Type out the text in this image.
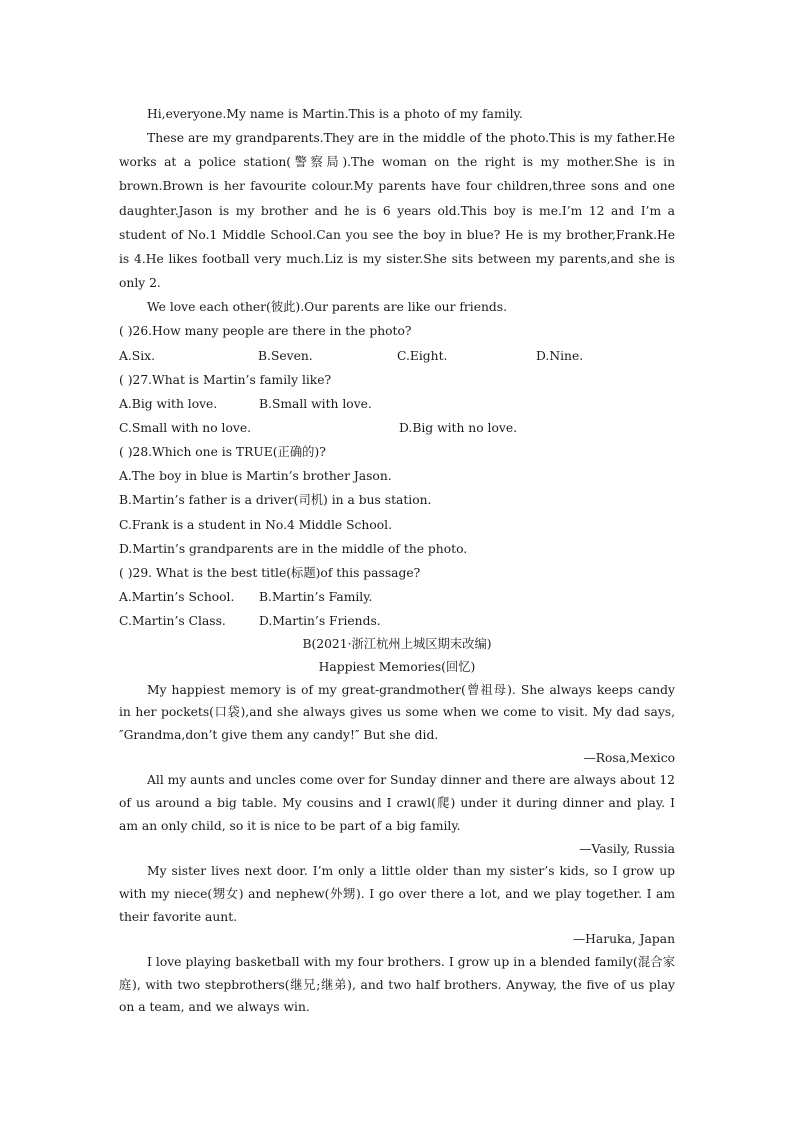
Hi,everyone.My name is Martin.This is a photo of my family.

These are my grandparents.They are in the middle of the photo.This is my father.He works at a police station(警察局).The woman on the right is my mother.She is in brown.Brown is her favourite colour.My parents have four children,three sons and one daughter.Jason is my brother and he is 6 years old.This boy is me.I’m 12 and I’m a student of No.1 Middle School.Can you see the boy in blue? He is my brother,Frank.He is 4.He likes football very much.Liz is my sister.She sits between my parents,and she is only 2.

We love each other(彼此).Our parents are like our friends.

( )26.How many people are there in the photo?
A.Six.	B.Seven.	C.Eight.	D.Nine.
( )27.What is Martin’s family like?
A.Big with love.	B.Small with love.
C.Small with no love.	D.Big with no love.
( )28.Which one is TRUE(正确的)?
A.The boy in blue is Martin’s brother Jason.
B.Martin’s father is a driver(司机) in a bus station.
C.Frank is a student in No.4 Middle School.
D.Martin’s grandparents are in the middle of the photo.
( )29. What is the best title(标题)of this passage?
A.Martin’s School.	B.Martin’s Family.
C.Martin’s Class.	D.Martin’s Friends.
B(2021·浙江杭州上城区期末改编)
Happiest Memories(回忆)

My happiest memory is of my great-grandmother(曾祖母). She always keeps candy in her pockets(口袋),and she always gives us some when we come to visit. My dad says,″Grandma,don’t give them any candy!″ But she did.

—Rosa,Mexico

All my aunts and uncles come over for Sunday dinner and there are always about 12 of us around a big table. My cousins and I crawl(爬) under it during dinner and play. I am an only child, so it is nice to be part of a big family.

—Vasily, Russia

My sister lives next door. I’m only a little older than my sister’s kids, so I grow up with my niece(甥女) and nephew(外甥). I go over there a lot, and we play together. I am their favorite aunt.

—Haruka, Japan

I love playing basketball with my four brothers. I grow up in a blended family(混合家庭), with two stepbrothers(继兄;继弟), and two half brothers. Anyway, the five of us play on a team, and we always win.
